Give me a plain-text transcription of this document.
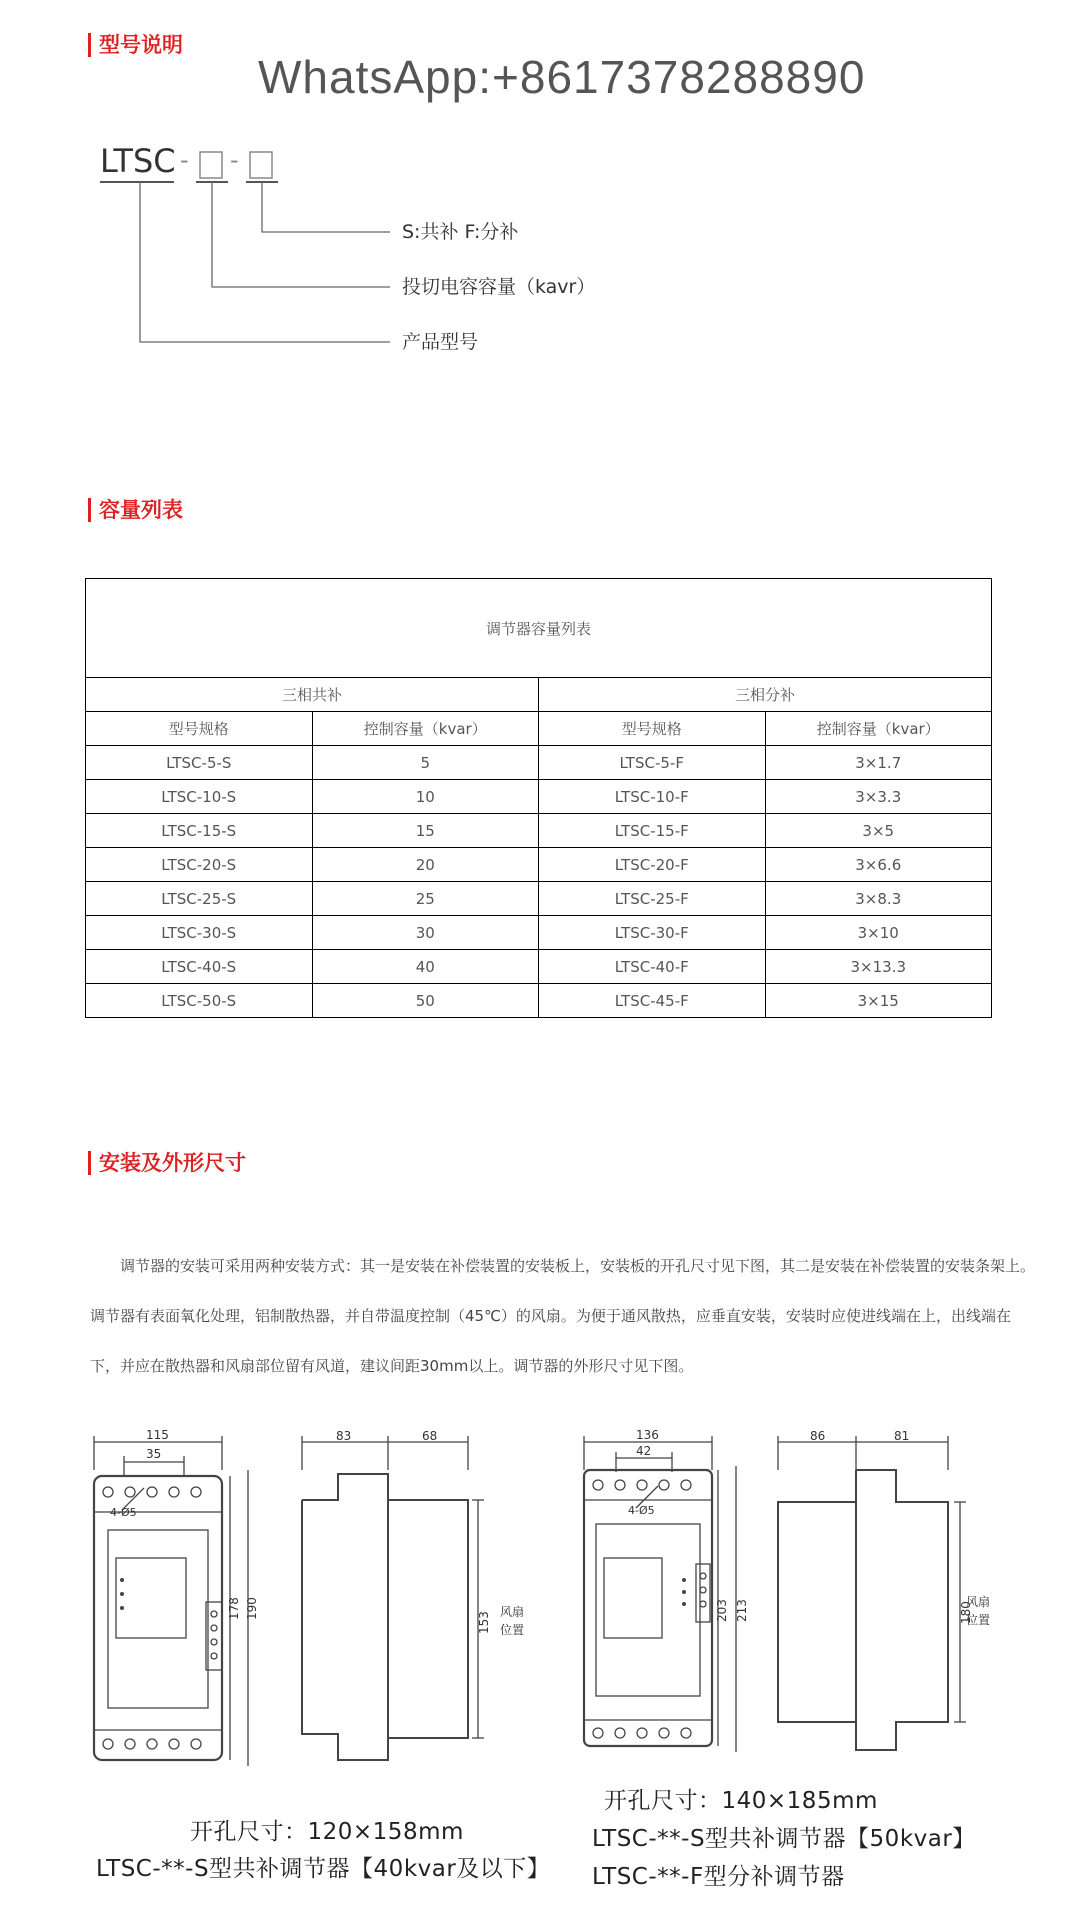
型号说明
WhatsApp:+8617378288890
LTSC - -
S:共补 F:分补
投切电容容量（kavr）
产品型号
容量列表
调节器容量列表			
三相共补		三相分补	
型号规格	控制容量（kvar）	型号规格	控制容量（kvar）
LTSC-5-S	5	LTSC-5-F	3×1.7
LTSC-10-S	10	LTSC-10-F	3×3.3
LTSC-15-S	15	LTSC-15-F	3×5
LTSC-20-S	20	LTSC-20-F	3×6.6
LTSC-25-S	25	LTSC-25-F	3×8.3
LTSC-30-S	30	LTSC-30-F	3×10
LTSC-40-S	40	LTSC-40-F	3×13.3
LTSC-50-S	50	LTSC-45-F	3×15
安装及外形尺寸
调节器的安装可采用两种安装方式：其一是安装在补偿装置的安装板上，安装板的开孔尺寸见下图，其二是安装在补偿装置的安装条架上。
调节器有表面氧化处理，铝制散热器，并自带温度控制（45℃）的风扇。为便于通风散热，应垂直安装，安装时应使进线端在上，出线端在
下，并应在散热器和风扇部位留有风道，建议间距30mm以上。调节器的外形尺寸见下图。
115
35
4-Ø5
178 190
83	68
153 风扇
位置
136
42
4-Ø5
203 213
86	81
180
风扇
位置
开孔尺寸：120×158mm
LTSC-**-S型共补调节器【40kvar及以下】
开孔尺寸：140×185mm
LTSC-**-S型共补调节器【50kvar】
LTSC-**-F型分补调节器
